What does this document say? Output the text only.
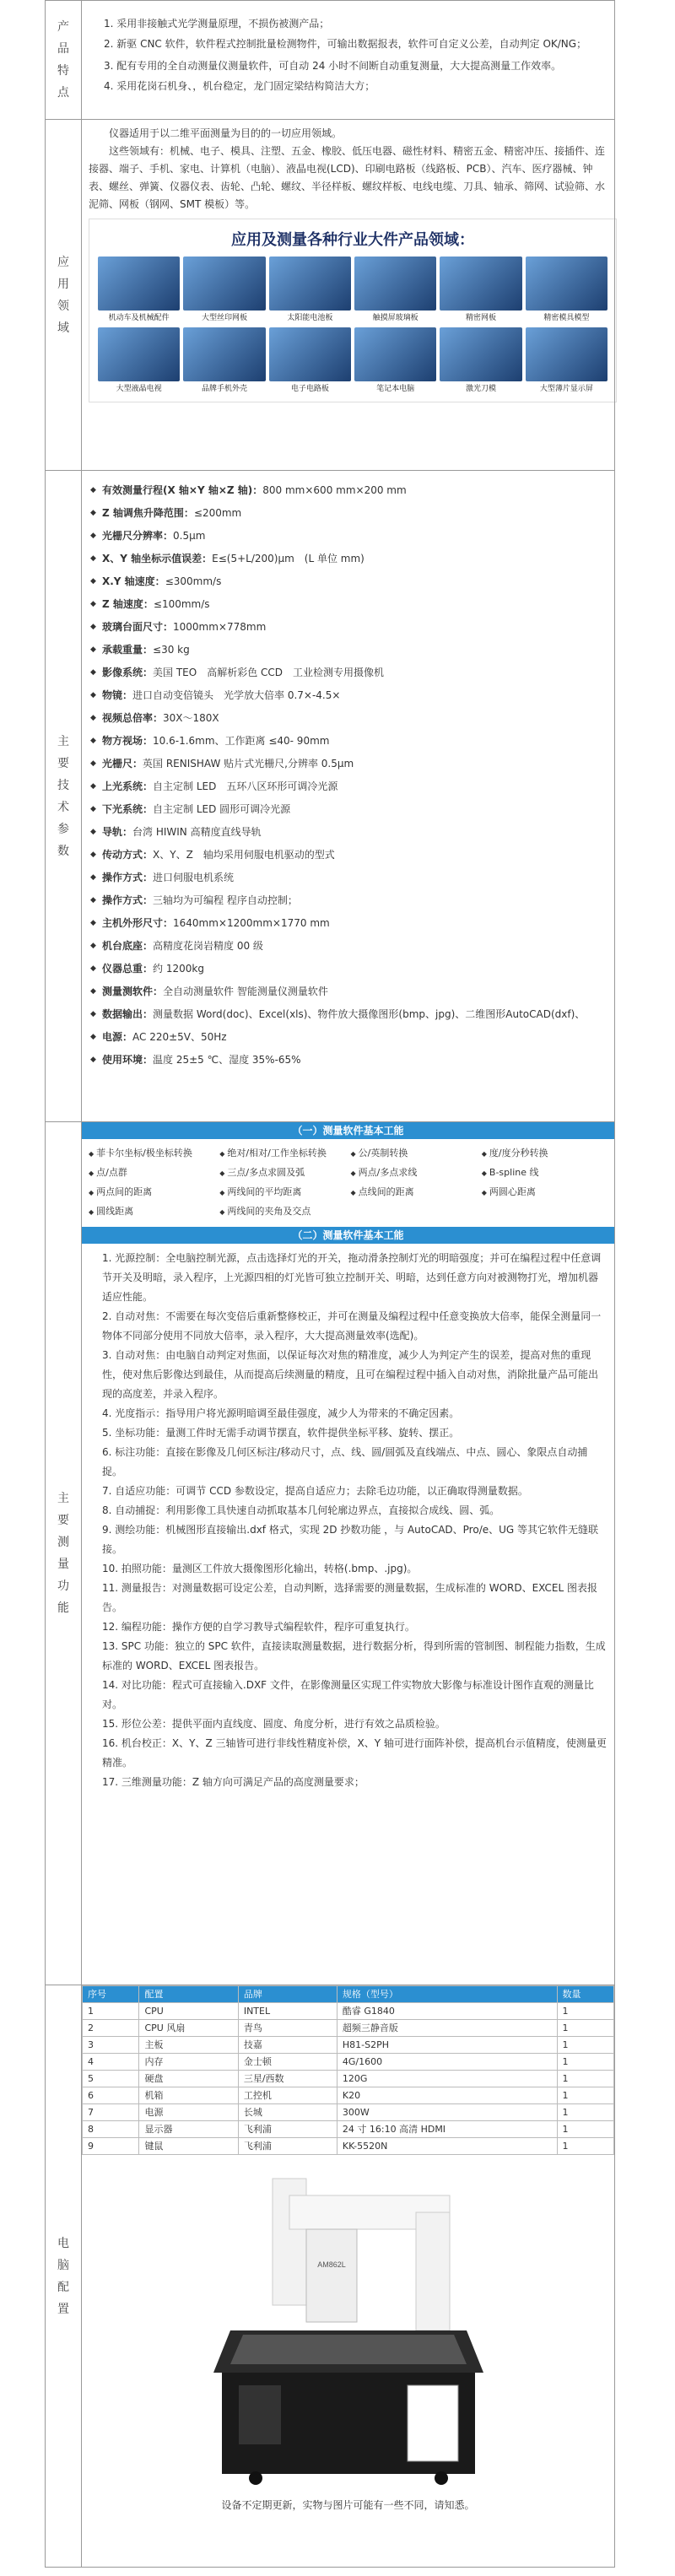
产品特点	

1. 采用非接触式光学测量原理，不损伤被测产品；

2. 新驱 CNC 软件，软件程式控制批量检测物件，可输出数据报表，软件可自定义公差，自动判定 OK/NG；

3. 配有专用的全自动测量仪测量软件，可自动 24 小时不间断自动重复测量，大大提高测量工作效率。

4. 采用花岗石机身、，机台稳定，龙门固定梁结构简洁大方；

应用领域	

仪器适用于以二维平面测量为目的的一切应用领域。

这些领域有：机械、电子、模具、注塑、五金、橡胶、低压电器、磁性材料、精密五金、精密冲压、接插件、连接器、端子、手机、家电、计算机（电脑）、液晶电视(LCD)、印刷电路板（线路板、PCB）、汽车、医疗器械、钟表、螺丝、弹簧、仪器仪表、齿轮、凸轮、螺纹、半径样板、螺纹样板、电线电缆、刀具、轴承、筛网、试验筛、水泥筛、网板（钢网、SMT 模板）等。

应用及测量各种行业大件产品领域：
机动车及机械配件	大型丝印网板	太阳能电池板	触摸屏玻璃板	精密网板	精密模具模型
大型液晶电视	品牌手机外壳	电子电路板	笔记本电脑	激光刀模	大型薄片显示屏

主要技术参数	
◆ 有效测量行程(X 轴×Y 轴×Z 轴)：800 mm×600 mm×200 mm
◆ Z 轴调焦升降范围：≤200mm
◆ 光栅尺分辨率：0.5μm
◆ X、Y 轴坐标示值误差：E≤(5+L/200)μm　(L 单位 mm)
◆ X.Y 轴速度：≤300mm/s
◆ Z 轴速度：≤100mm/s
◆ 玻璃台面尺寸：1000mm×778mm
◆ 承载重量：≤30 kg
◆ 影像系统：美国 TEO　高解析彩色 CCD　工业检测专用摄像机
◆ 物镜：进口自动变倍镜头　光学放大倍率 0.7×-4.5×
◆ 视频总倍率：30X～180X
◆ 物方视场：10.6-1.6mm、工作距离 ≤40- 90mm
◆ 光栅尺：英国 RENISHAW 贴片式光栅尺,分辨率 0.5μm
◆ 上光系统：自主定制 LED　五环八区环形可调冷光源
◆ 下光系统：自主定制 LED 圆形可调冷光源
◆ 导轨：台湾 HIWIN 高精度直线导轨
◆ 传动方式：X、Y、Z　轴均采用伺服电机驱动的型式
◆ 操作方式：进口伺服电机系统
◆ 操作方式：三轴均为可编程 程序自动控制；
◆ 主机外形尺寸：1640mm×1200mm×1770 mm
◆ 机台底座：高精度花岗岩精度 00 级
◆ 仪器总重：约 1200kg
◆ 测量测软件：全自动测量软件 智能测量仪测量软件
◆ 数据输出：测量数据 Word(doc)、Excel(xls)、物件放大摄像图形(bmp、jpg)、二维图形AutoCAD(dxf)、
◆ 电源：AC 220±5V、50Hz
◆ 使用环境：温度 25±5 ℃、湿度 35%-65%

主要测量功能	
（一）测量软件基本工能
◆ 菲卡尔坐标/极坐标转换	◆ 绝对/相对/工作坐标转换	◆ 公/英制转换	◆ 度/度分秒转换
◆ 点/点群	◆ 三点/多点求圆及弧	◆ 两点/多点求线	◆ B-spline 线
◆ 两点间的距离	◆ 两线间的平均距离	◆ 点线间的距离	◆ 两圆心距离
◆ 圆线距离	◆ 两线间的夹角及交点
（二）测量软件基本工能

1. 光源控制：全电脑控制光源，点击选择灯光的开关，拖动滑条控制灯光的明暗强度；并可在编程过程中任意调节开关及明暗，录入程序，上光源四相的灯光皆可独立控制开关、明暗，达到任意方向对被测物打光，增加机器适应性能。

2. 自动对焦：不需要在每次变倍后重新整修校正，并可在测量及编程过程中任意变换放大倍率，能保全测量同一物体不同部分使用不同放大倍率，录入程序，大大提高测量效率(选配)。

3. 自动对焦：由电脑自动判定对焦面，以保证每次对焦的精准度，减少人为判定产生的误差，提高对焦的重现性，使对焦后影像达到最佳，从而提高后续测量的精度，且可在编程过程中插入自动对焦，消除批量产品可能出现的高度差，并录入程序。

4. 光度指示：指导用户将光源明暗调至最佳强度，减少人为带来的不确定因素。

5. 坐标功能：量测工件时无需手动调节摆直，软件提供坐标平移、旋转、摆正。

6. 标注功能：直接在影像及几何区标注/移动尺寸，点、线、圆/圆弧及直线端点、中点、圆心、象限点自动捕捉。

7. 自适应功能：可调节 CCD 参数设定，提高自适应力；去除毛边功能，以正确取得测量数据。

8. 自动捕捉：利用影像工具快速自动抓取基本几何轮廓边界点，直接拟合成线、圆、弧。

9. 测绘功能：机械图形直接输出.dxf 格式，实现 2D 抄数功能 ，与 AutoCAD、Pro/e、UG 等其它软件无缝联接。

10. 拍照功能：量测区工件放大摄像图形化输出，转格(.bmp、.jpg)。

11. 测量报告：对测量数据可设定公差，自动判断，选择需要的测量数据，生成标准的 WORD、EXCEL 图表报告。

12. 编程功能：操作方便的自学习教导式编程软件，程序可重复执行。

13. SPC 功能：独立的 SPC 软件，直接读取测量数据，进行数据分析，得到所需的管制图、制程能力指数，生成标准的 WORD、EXCEL 图表报告。

14. 对比功能：程式可直接输入.DXF 文件，在影像测量区实现工件实物放大影像与标准设计图作直观的测量比对。

15. 形位公差：提供平面内直线度、圆度、角度分析，进行有效之品质检验。

16. 机台校正：X、Y、Z 三轴皆可进行非线性精度补偿，X、Y 轴可进行面阵补偿，提高机台示值精度，使测量更精准。

17. 三维测量功能：Z 轴方向可满足产品的高度测量要求；

电脑配置	
序号	配置	品牌	规格（型号）	数量
1	CPU	INTEL	酷睿 G1840	1
2	CPU 风扇	青鸟	超频三静音版	1
3	主板	技嘉	H81-S2PH	1
4	内存	金士顿	4G/1600	1
5	硬盘	三星/西数	120G	1
6	机箱	工控机	K20	1
7	电源	长城	300W	1
8	显示器	飞利浦	24 寸 16:10 高清 HDMI	1
9	键鼠	飞利浦	KK-5520N	1
AM862L
设备不定期更新，实物与图片可能有一些不同，请知悉。
